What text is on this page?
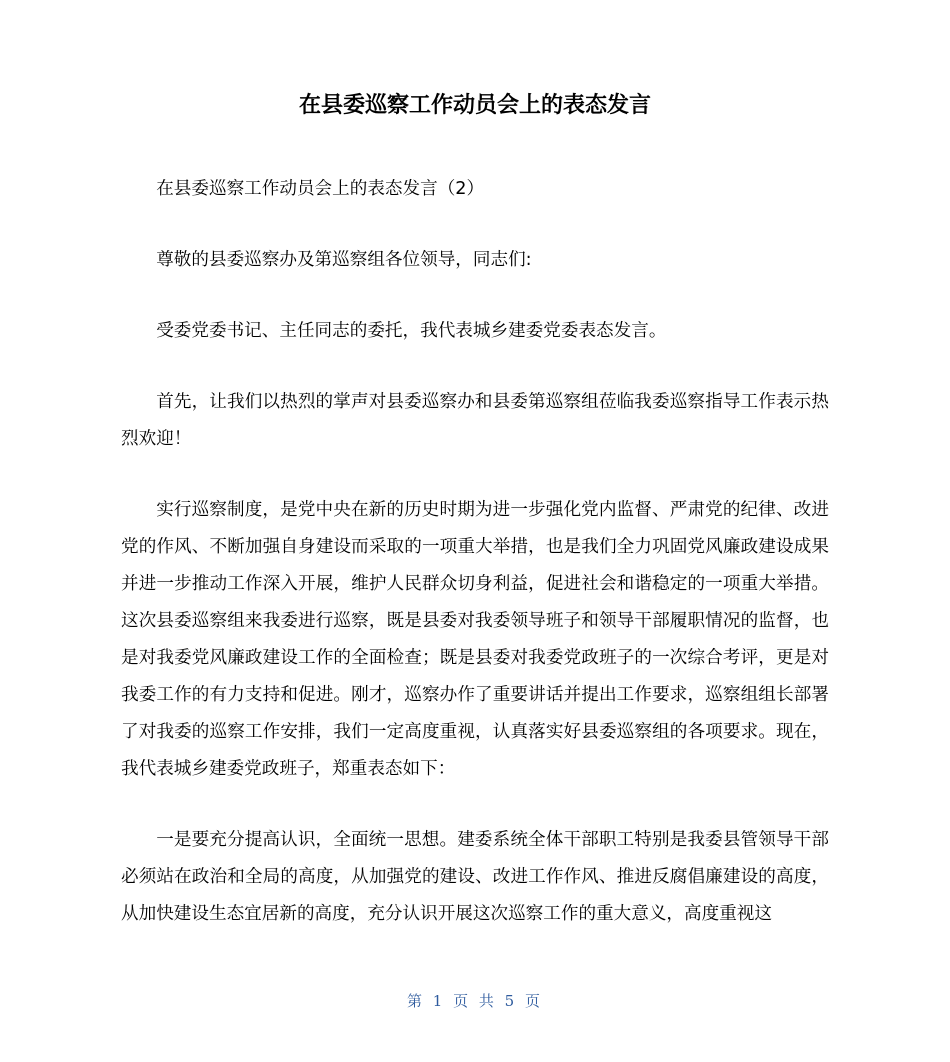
在县委巡察工作动员会上的表态发言

在县委巡察工作动员会上的表态发言（2）

尊敬的县委巡察办及第巡察组各位领导，同志们:

受委党委书记、主任同志的委托，我代表城乡建委党委表态发言。

首先，让我们以热烈的掌声对县委巡察办和县委第巡察组莅临我委巡察指导工作表示热烈欢迎！

实行巡察制度，是党中央在新的历史时期为进一步强化党内监督、严肃党的纪律、改进党的作风、不断加强自身建设而采取的一项重大举措，也是我们全力巩固党风廉政建设成果并进一步推动工作深入开展，维护人民群众切身利益，促进社会和谐稳定的一项重大举措。这次县委巡察组来我委进行巡察，既是县委对我委领导班子和领导干部履职情况的监督，也是对我委党风廉政建设工作的全面检查；既是县委对我委党政班子的一次综合考评，更是对我委工作的有力支持和促进。刚才，巡察办作了重要讲话并提出工作要求，巡察组组长部署了对我委的巡察工作安排，我们一定高度重视，认真落实好县委巡察组的各项要求。现在，我代表城乡建委党政班子，郑重表态如下：

一是要充分提高认识，全面统一思想。建委系统全体干部职工特别是我委县管领导干部必须站在政治和全局的高度，从加强党的建设、改进工作作风、推进反腐倡廉建设的高度，从加快建设生态宜居新的高度，充分认识开展这次巡察工作的重大意义，高度重视这

第 1 页 共 5 页
